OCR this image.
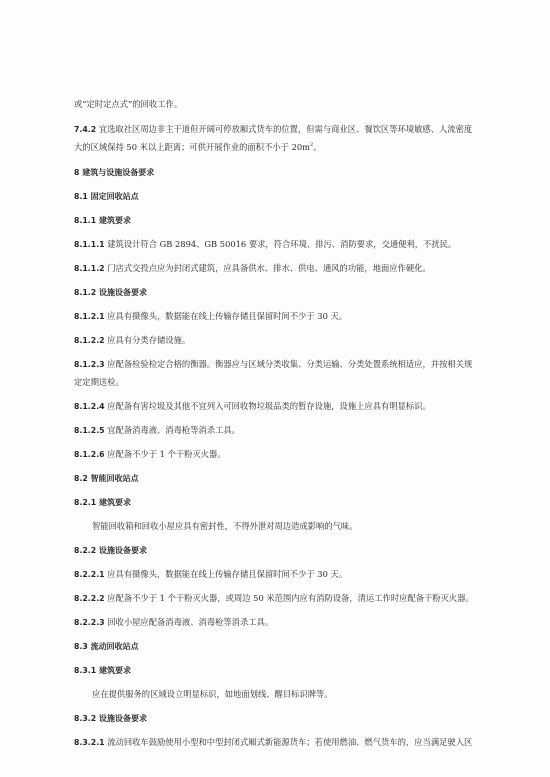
或“定时定点式”的回收工作。
7.4.2 宜选取社区周边非主干道但开阔可停放厢式货车的位置，但需与商业区、餐饮区等环境敏感、人流密度
大的区域保持 50 米以上距离；可供开展作业的面积不小于 $20m^2$。
8 建筑与设施设备要求
8.1 固定回收站点
8.1.1 建筑要求
8.1.1.1 建筑设计符合 GB 2894、GB 50016 要求，符合环境、排污、消防要求，交通便利，不扰民。
8.1.1.2 门店式交投点应为封闭式建筑，应具备供水、排水、供电、通风的功能，地面应作硬化。
8.1.2 设施设备要求
8.1.2.1 应具有摄像头，数据能在线上传输存储且保留时间不少于 30 天。
8.1.2.2 应具有分类存储设施。
8.1.2.3 应配备检验检定合格的衡器。衡器应与区域分类收集、分类运输、分类处置系统相适应，并按相关规
定定期送检。
8.1.2.4 应配备有害垃圾及其他不宜列入可回收物垃圾品类的暂存设施，设施上应具有明显标识。
8.1.2.5 宜配备消毒液、消毒枪等消杀工具。
8.1.2.6 应配备不少于 1 个干粉灭火器。
8.2 智能回收站点
8.2.1 建筑要求
智能回收箱和回收小屋应具有密封性，不得外泄对周边造成影响的气味。
8.2.2 设施设备要求
8.2.2.1 应具有摄像头，数据能在线上传输存储且保留时间不少于 30 天。
8.2.2.2 应配备不少于 1 个干粉灭火器，或周边 50 米范围内应有消防设备，清运工作时应配备干粉灭火器。
8.2.2.3 回收小屋应配备消毒液、消毒枪等消杀工具。
8.3 流动回收站点
8.3.1 建筑要求
应在提供服务的区域设立明显标识，如地面划线、醒目标识牌等。
8.3.2 设施设备要求
8.3.2.1 流动回收车鼓励使用小型和中型封闭式厢式新能源货车；若使用燃油、燃气货车的，应当满足驶入区
